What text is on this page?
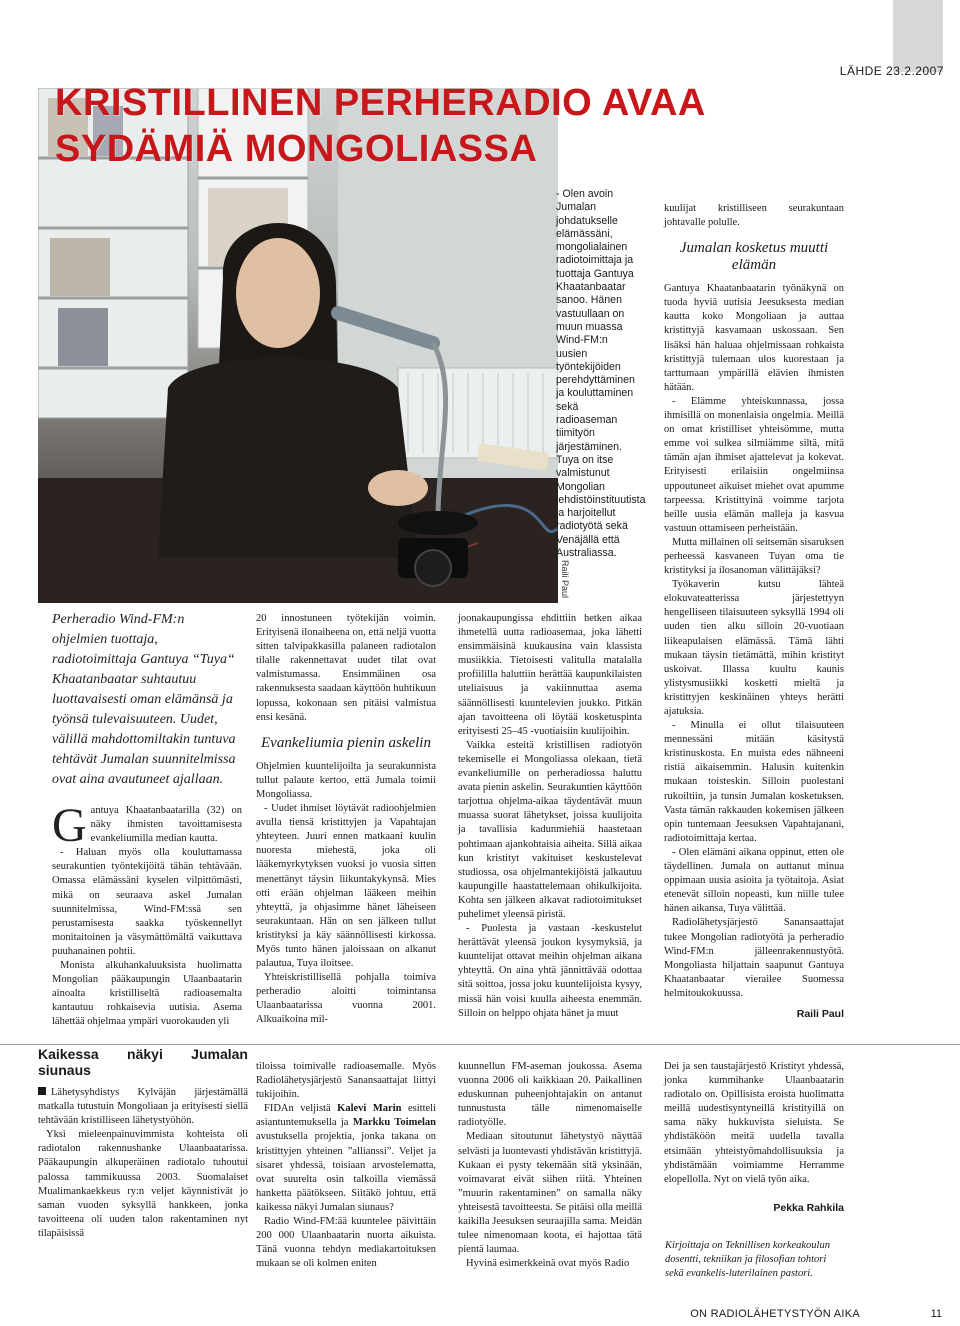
LÄHDE 23.2.2007
KRISTILLINEN PERHERADIO AVAA SYDÄMIÄ MONGOLIASSA
- Olen avoin Jumalan johdatukselle elämässäni, mongolialainen radiotoimittaja ja tuottaja Gantuya Khaatanbaatar sanoo. Hänen vastuullaan on muun muassa Wind-FM:n uusien työntekijöiden perehdyttäminen ja kouluttaminen sekä radioaseman tiimityön järjestäminen. Tuya on itse valmistunut Mongolian lehdistöinstituutista ja harjoitellut radiotyötä sekä Venäjällä että Australiassa.
Raili Paul
Perheradio Wind-FM:n ohjelmien tuottaja, radiotoimittaja Gantuya “Tuya“ Khaatanbaatar suhtautuu luottavaisesti oman elämänsä ja työnsä tulevaisuuteen. Uudet, välillä mahdottomiltakin tuntuva tehtävät Jumalan suunnitelmissa ovat aina avautuneet ajallaan.

Gantuya Khaatanbaatarilla (32) on näky ihmisten tavoittamisesta evankeliumilla median kautta.

- Haluan myös olla kouluttamassa seurakuntien työntekijöitä tähän tehtävään. Omassa elämässäni kyselen vilpittömästi, mikä on seuraava askel Jumalan suunnitelmissa, Wind-FM:ssä sen perustamisesta saakka työskennellyt monitaitoinen ja väsymättömältä vaikuttava puuhanainen pohtii.

Monista alkuhankaluuksista huolimatta Mongolian pääkaupungin Ulaanbaatarin ainoalta kristilliseltä radioasemalta kantautuu rohkaisevia uutisia. Asema lähettää ohjelmaa ympäri vuorokauden yli

20 innostuneen työtekijän voimin. Erityisenä ilonaiheena on, että neljä vuotta sitten talvipakkasilla palaneen radiotalon tilalle rakennettavat uudet tilat ovat valmistumassa. Ensimmäinen osa rakennuksesta saadaan käyttöön huhtikuun lopussa, kokonaan sen pitäisi valmistua ensi kesänä.

Evankeliumia pienin askelin

Ohjelmien kuuntelijoilta ja seurakunnista tullut palaute kertoo, että Jumala toimii Mongoliassa.

- Uudet ihmiset löytävät radioohjelmien avulla tiensä kristittyjen ja Vapahtajan yhteyteen. Juuri ennen matkaani kuulin nuoresta miehestä, joka oli lääkemyrkytyksen vuoksi jo vuosia sitten menettänyt täysin liikuntakykynsä. Mies otti erään ohjelman lääkeen meihin yhteyttä, ja ohjasimme hänet läheiseen seurakuntaan. Hän on sen jälkeen tullut kristityksi ja käy säännöllisesti kirkossa. Myös tunto hänen jaloissaan on alkanut palautua, Tuya iloitsee.

Yhteiskristillisellä pohjalla toimiva perheradio aloitti toimintansa Ulaanbaatarissa vuonna 2001. Alkuaikoina mil-

joonakaupungissa ehdittiin hetken aikaa ihmetellä uutta radioasemaa, joka lähetti ensimmäisinä kuukausina vain klassista musiikkia. Tietoisesti valitulla matalalla profiililla haluttiin herättää kaupunkilaisten uteliaisuus ja vakiinnuttaa asema säännöllisesti kuuntelevien joukko. Pitkän ajan tavoitteena oli löytää kosketuspinta erityisesti 25–45 -vuotiaisiin kuulijoihin.

Vaikka esteitä kristillisen radiotyön tekemiselle ei Mongoliassa olekaan, tietä evankeliumille on perheradiossa haluttu avata pienin askelin. Seurakuntien käyttöön tarjottua ohjelma-aikaa täydentävät muun muassa suorat lähetykset, joissa kuulijoita ja tavallisia kadunmiehiä haastetaan pohtimaan ajankohtaisia aiheita. Sillä aikaa kun kristityt vakituiset keskustelevat studiossa, osa ohjelmantekijöistä jalkautuu kaupungille haastattelemaan ohikulkijoita. Kohta sen jälkeen alkavat radiotoimitukset puhelimet yleensä piristä.

- Puolesta ja vastaan -keskustelut herättävät yleensä joukon kysymyksiä, ja kuuntelijat ottavat meihin ohjelman aikana yhteyttä. On aina yhtä jännittävää odottaa sitä soittoa, jossa joku kuuntelijoista kysyy, missä hän voisi kuulla aiheesta enemmän. Silloin on helppo ohjata hänet ja muut

kuulijat kristilliseen seurakuntaan johtavalle polulle.

Jumalan kosketus muutti elämän

Gantuya Khaatanbaatarin työnäkynä on tuoda hyviä uutisia Jeesuksesta median kautta koko Mongoliaan ja auttaa kristittyjä kasvamaan uskossaan. Sen lisäksi hän haluaa ohjelmissaan rohkaista kristittyjä tulemaan ulos kuorestaan ja tarttumaan ympärillä elävien ihmisten hätään.

- Elämme yhteiskunnassa, jossa ihmisillä on monenlaisia ongelmia. Meillä on omat kristilliset yhteisömme, mutta emme voi sulkea silmiämme siltä, mitä tämän ajan ihmiset ajattelevat ja kokevat. Erityisesti erilaisiin ongelmiinsa uppoutuneet aikuiset miehet ovat apumme tarpeessa. Kristittyinä voimme tarjota heille uusia elämän malleja ja kasvua vastuun ottamiseen perheistään.

Mutta millainen oli seitsemän sisaruksen perheessä kasvaneen Tuyan oma tie kristityksi ja ilosanoman välittäjäksi?

Työkaverin kutsu lähteä elokuvateatterissa järjestettyyn hengelliseen tilaisuuteen syksyllä 1994 oli uuden tien alku silloin 20-vuotiaan liikeapulaisen elämässä. Tämä lähti mukaan täysin tietämättä, mihin kristityt uskoivat. Illassa kuultu kaunis ylistysmusiikki kosketti mieltä ja kristittyjen keskinäinen yhteys herätti ajatuksia.

- Minulla ei ollut tilaisuuteen mennessäni mitään käsitystä kristinuskosta. En muista edes nähneeni ristiä aikaisemmin. Halusin kuitenkin mukaan toisteskin. Silloin puolestani rukoiltiin, ja tunsin Jumalan kosketuksen. Vasta tämän rakkauden kokemisen jälkeen opin tuntemaan Jeesuksen Vapahtajanani, radiotoimittaja kertaa.

- Olen elämäni aikana oppinut, etten ole täydellinen. Jumala on auttanut minua oppimaan uusia asioita ja työtaitoja. Asiat etenevät silloin nopeasti, kun niille tulee hänen aikansa, Tuya välittää.

Radiolähetysjärjestö Sanansaattajat tukee Mongolian radiotyötä ja perheradio Wind-FM:n jälleenrakennustyötä. Mongoliasta hiljattain saapunut Gantuya Khaatanbaatar vierailee Suomessa helmitoukokuussa.

Raili Paul

Kaikessa näkyi Jumalan siunaus

Lähetysyhdistys Kylväjän järjestämällä matkalla tutustuin Mongoliaan ja erityisesti siellä tehtävään kristilliseen lähetystyöhön.

Yksi mieleenpainuvimmista kohteista oli radiotalon rakennushanke Ulaanbaatarissa. Pääkaupungin alkuperäinen radiotalo tuhoutui palossa tammikuussa 2003. Suomalaiset Mualimankaekkeus ry:n veljet käynnistivät jo saman vuoden syksyllä hankkeen, jonka tavoitteena oli uuden talon rakentaminen nyt tilapäisissä

tiloissa toimivalle radioasemalle. Myös Radiolähetysjärjestö Sanansaattajat liittyi tukijoihin.

FIDAn veljistä Kalevi Marin esitteli asiantuntemuksella ja Markku Toimelan avustuksella projektia, jonka takana on kristittyjen yhteinen ”allianssi”. Veljet ja sisaret yhdessä, toisiaan arvostelematta, ovat suurelta osin talkoilla viemässä hanketta päätökseen. Siitäkö johtuu, että kaikessa näkyi Jumalan siunaus?

Radio Wind-FM:ää kuuntelee päivittäin 200 000 Ulaanbaatarin nuorta aikuista. Tänä vuonna tehdyn mediakartoituksen mukaan se oli kolmen eniten

kuunnellun FM-aseman joukossa. Asema vuonna 2006 oli kaikkiaan 20. Paikallinen eduskunnan puheenjohtajakin on antanut tunnustusta tälle nimenomaiselle radiotyölle.

Mediaan sitoutunut lähetystyö näyttää selvästi ja luontevasti yhdistävän kristittyjä. Kukaan ei pysty tekemään sitä yksinään, voimavarat eivät siihen riitä. Yhteinen ”muurin rakentaminen” on samalla näky yhteisestä tavoitteesta. Se pitäisi olla meillä kaikilla Jeesuksen seuraajilla sama. Meidän tulee nimenomaan koota, ei hajottaa tätä pientä laumaa.

Hyvinä esimerkkeinä ovat myös Radio

Dei ja sen taustajärjestö Kristityt yhdessä, jonka kummihanke Ulaanbaatarin radiotalo on. Opillisista eroista huolimatta meillä uudestisyntyneillä kristityillä on sama näky hukkuvista sieluista. Se yhdistäköön meitä uudella tavalla etsimään yhteistyömahdollisuuksia ja yhdistämään voimiamme Herramme elopellolla. Nyt on vielä työn aika.

Pekka Rahkila

Kirjoittaja on Teknillisen korkeakoulun dosentti, tekniikan ja filosofian tohtori sekä evankelis-luterilainen pastori.
ON RADIOLÄHETYSTYÖN AIKA	11
